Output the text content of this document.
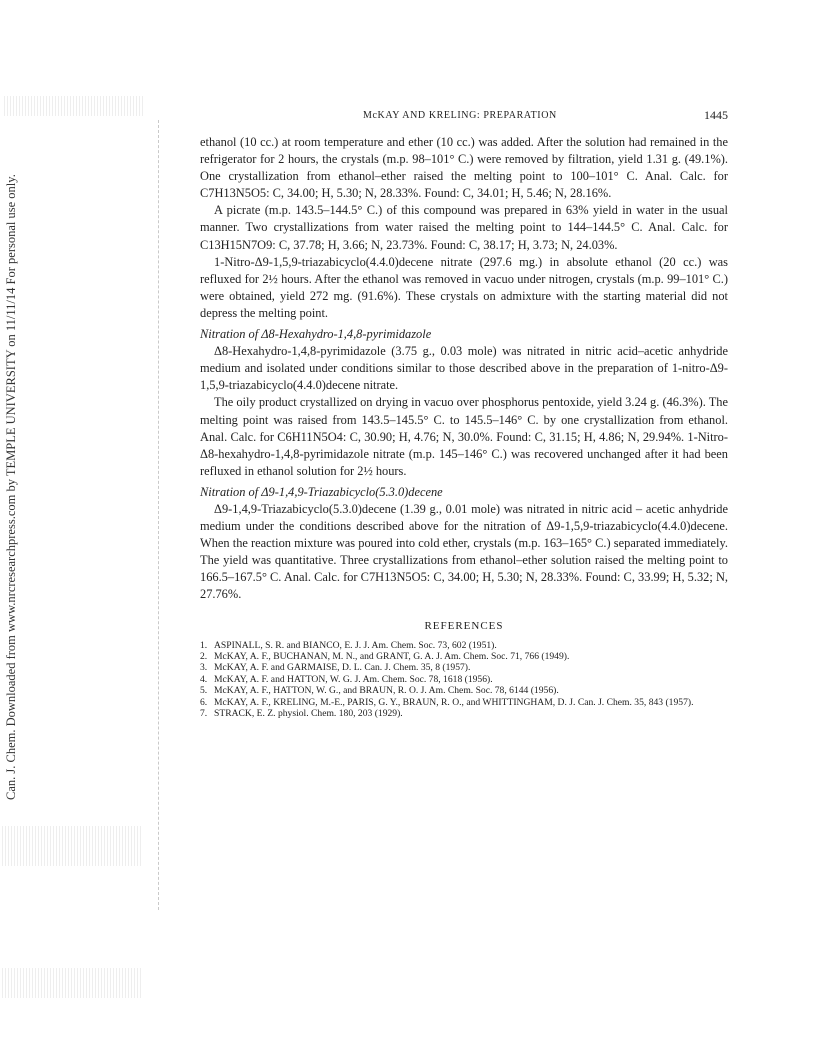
Can. J. Chem. Downloaded from www.nrcresearchpress.com by TEMPLE UNIVERSITY on 11/11/14 For personal use only.
McKAY AND KRELING: PREPARATION	1445

ethanol (10 cc.) at room temperature and ether (10 cc.) was added. After the solution had remained in the refrigerator for 2 hours, the crystals (m.p. 98–101° C.) were removed by filtration, yield 1.31 g. (49.1%). One crystallization from ethanol–ether raised the melting point to 100–101° C. Anal. Calc. for C7H13N5O5: C, 34.00; H, 5.30; N, 28.33%. Found: C, 34.01; H, 5.46; N, 28.16%.

A picrate (m.p. 143.5–144.5° C.) of this compound was prepared in 63% yield in water in the usual manner. Two crystallizations from water raised the melting point to 144–144.5° C. Anal. Calc. for C13H15N7O9: C, 37.78; H, 3.66; N, 23.73%. Found: C, 38.17; H, 3.73; N, 24.03%.

1-Nitro-Δ9-1,5,9-triazabicyclo(4.4.0)decene nitrate (297.6 mg.) in absolute ethanol (20 cc.) was refluxed for 2½ hours. After the ethanol was removed in vacuo under nitrogen, crystals (m.p. 99–101° C.) were obtained, yield 272 mg. (91.6%). These crystals on admixture with the starting material did not depress the melting point.

Nitration of Δ8-Hexahydro-1,4,8-pyrimidazole

Δ8-Hexahydro-1,4,8-pyrimidazole (3.75 g., 0.03 mole) was nitrated in nitric acid–acetic anhydride medium and isolated under conditions similar to those described above in the preparation of 1-nitro-Δ9-1,5,9-triazabicyclo(4.4.0)decene nitrate.

The oily product crystallized on drying in vacuo over phosphorus pentoxide, yield 3.24 g. (46.3%). The melting point was raised from 143.5–145.5° C. to 145.5–146° C. by one crystallization from ethanol. Anal. Calc. for C6H11N5O4: C, 30.90; H, 4.76; N, 30.0%. Found: C, 31.15; H, 4.86; N, 29.94%. 1-Nitro-Δ8-hexahydro-1,4,8-pyrimidazole nitrate (m.p. 145–146° C.) was recovered unchanged after it had been refluxed in ethanol solution for 2½ hours.

Nitration of Δ9-1,4,9-Triazabicyclo(5.3.0)decene

Δ9-1,4,9-Triazabicyclo(5.3.0)decene (1.39 g., 0.01 mole) was nitrated in nitric acid – acetic anhydride medium under the conditions described above for the nitration of Δ9-1,5,9-triazabicyclo(4.4.0)decene. When the reaction mixture was poured into cold ether, crystals (m.p. 163–165° C.) separated immediately. The yield was quantitative. Three crystallizations from ethanol–ether solution raised the melting point to 166.5–167.5° C. Anal. Calc. for C7H13N5O5: C, 34.00; H, 5.30; N, 28.33%. Found: C, 33.99; H, 5.32; N, 27.76%.

REFERENCES

1. ASPINALL, S. R. and BIANCO, E. J. J. Am. Chem. Soc. 73, 602 (1951).
2. McKAY, A. F., BUCHANAN, M. N., and GRANT, G. A. J. Am. Chem. Soc. 71, 766 (1949).
3. McKAY, A. F. and GARMAISE, D. L. Can. J. Chem. 35, 8 (1957).
4. McKAY, A. F. and HATTON, W. G. J. Am. Chem. Soc. 78, 1618 (1956).
5. McKAY, A. F., HATTON, W. G., and BRAUN, R. O. J. Am. Chem. Soc. 78, 6144 (1956).
6. McKAY, A. F., KRELING, M.-E., PARIS, G. Y., BRAUN, R. O., and WHITTINGHAM, D. J. Can. J. Chem. 35, 843 (1957).
7. STRACK, E. Z. physiol. Chem. 180, 203 (1929).
